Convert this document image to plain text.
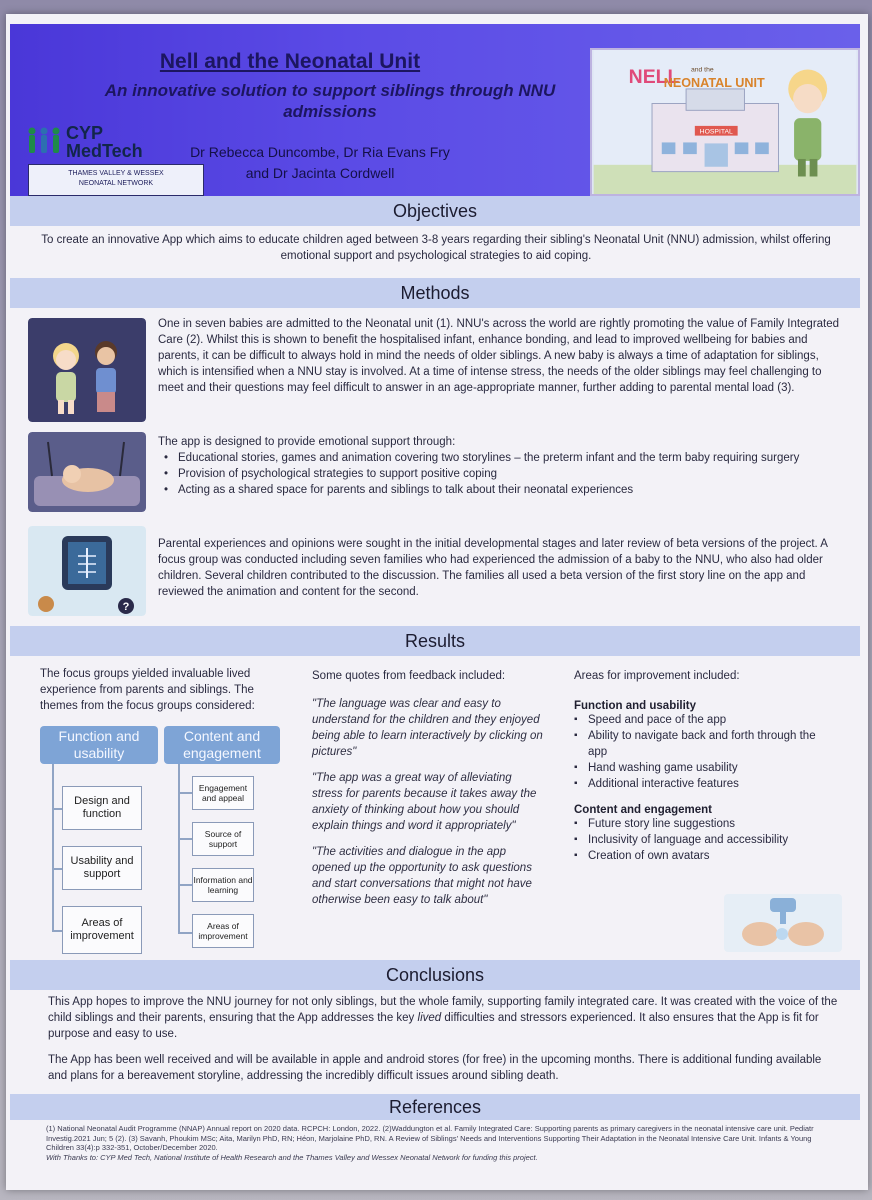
Nell and the Neonatal Unit
An innovative solution to support siblings through NNU admissions
CYP
MedTech
THAMES VALLEY & WESSEX
NEONATAL NETWORK
Dr Rebecca Duncombe, Dr Ria Evans Fry
and Dr Jacinta Cordwell
HOSPITAL
NELL and the
NEONATAL UNIT
Objectives
To create an innovative App which aims to educate children aged between 3-8 years regarding their sibling's Neonatal Unit (NNU) admission, whilst offering emotional support and psychological strategies to aid coping.
Methods
One in seven babies are admitted to the Neonatal unit (1). NNU's across the world are rightly promoting the value of Family Integrated Care (2). Whilst this is shown to benefit the hospitalised infant, enhance bonding, and lead to improved wellbeing for babies and parents, it can be difficult to always hold in mind the needs of older siblings. A new baby is always a time of adaptation for siblings, which is intensified when a NNU stay is involved. At a time of intense stress, the needs of the older siblings may feel challenging to meet and their questions may feel difficult to answer in an age-appropriate manner, further adding to parental mental load (3).
The app is designed to provide emotional support through:
• Educational stories, games and animation covering two storylines – the preterm infant and the term baby requiring surgery
• Provision of psychological strategies to support positive coping
• Acting as a shared space for parents and siblings to talk about their neonatal experiences
?
Parental experiences and opinions were sought in the initial developmental stages and later review of beta versions of the project. A focus group was conducted including seven families who had experienced the admission of a baby to the NNU, who also had older children. Several children contributed to the discussion. The families all used a beta version of the first story line on the app and reviewed the animation and content for the second.
Results
The focus groups yielded invaluable lived experience from parents and siblings. The themes from the focus groups considered:
Function and usability
Design and function
Usability and support
Areas of improvement
Content and engagement
Engagement and appeal
Source of support
Information and learning
Areas of improvement
Some quotes from feedback included:
"The language was clear and easy to understand for the children and they enjoyed being able to learn interactively by clicking on pictures"
"The app was a great way of alleviating stress for parents because it takes away the anxiety of thinking about how you should explain things and word it appropriately"
"The activities and dialogue in the app opened up the opportunity to ask questions and start conversations that might not have otherwise been easy to talk about"
Areas for improvement included:
Function and usability
▪ Speed and pace of the app
▪ Ability to navigate back and forth through the app
▪ Hand washing game usability
▪ Additional interactive features
Content and engagement
▪ Future story line suggestions
▪ Inclusivity of language and accessibility
▪ Creation of own avatars
Conclusions
This App hopes to improve the NNU journey for not only siblings, but the whole family, supporting family integrated care. It was created with the voice of the child siblings and their parents, ensuring that the App addresses the key lived difficulties and stressors experienced. It also ensures that the App is fit for purpose and easy to use.
The App has been well received and will be available in apple and android stores (for free) in the upcoming months. There is additional funding available and plans for a bereavement storyline, addressing the incredibly difficult issues around sibling death.
References
(1) National Neonatal Audit Programme (NNAP) Annual report on 2020 data. RCPCH: London, 2022. (2)Waddungton et al. Family Integrated Care: Supporting parents as primary caregivers in the neonatal intensive care unit. Pediatr Investig.2021 Jun; 5 (2). (3) Savanh, Phoukim MSc; Aita, Marilyn PhD, RN; Héon, Marjolaine PhD, RN. A Review of Siblings' Needs and Interventions Supporting Their Adaptation in the Neonatal Intensive Care Unit. Infants & Young Children 33(4):p 332-351, October/December 2020.
With Thanks to: CYP Med Tech, National Institute of Health Research and the Thames Valley and Wessex Neonatal Network for funding this project.
